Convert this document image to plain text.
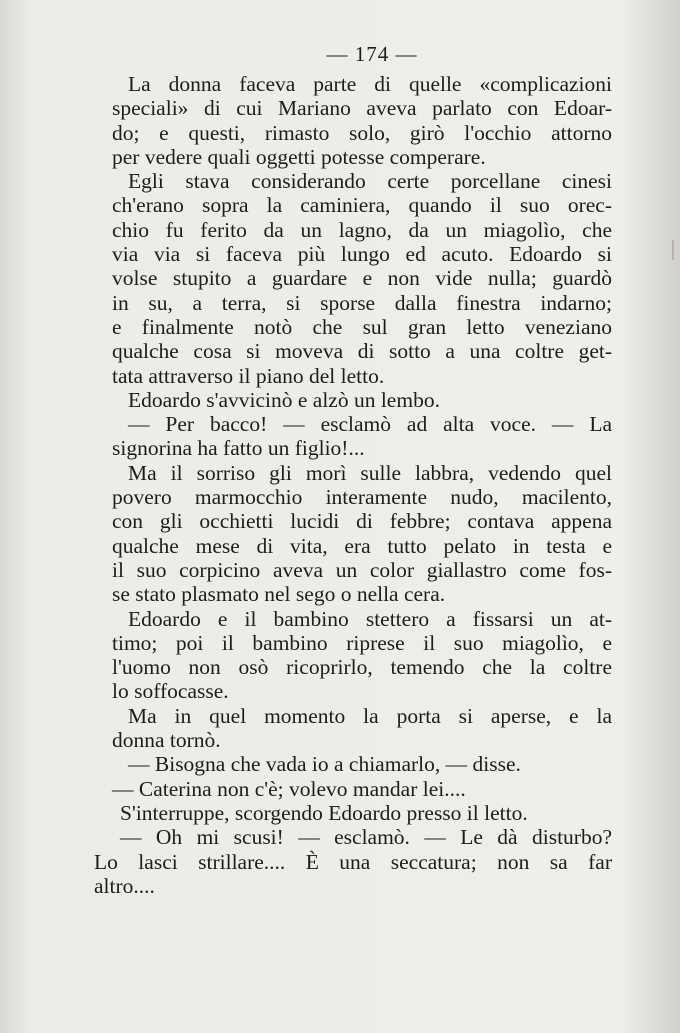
— 174 —

La donna faceva parte di quelle «complicazioni
speciali» di cui Mariano aveva parlato con Edoar-
do; e questi, rimasto solo, girò l'occhio attorno
per vedere quali oggetti potesse comperare.

Egli stava considerando certe porcellane cinesi
ch'erano sopra la caminiera, quando il suo orec-
chio fu ferito da un lagno, da un miagolìo, che
via via si faceva più lungo ed acuto. Edoardo si
volse stupito a guardare e non vide nulla; guardò
in su, a terra, si sporse dalla finestra indarno;
e finalmente notò che sul gran letto veneziano
qualche cosa si moveva di sotto a una coltre get-
tata attraverso il piano del letto.

Edoardo s'avvicinò e alzò un lembo.

— Per bacco! — esclamò ad alta voce. — La
signorina ha fatto un figlio!...

Ma il sorriso gli morì sulle labbra, vedendo quel
povero marmocchio interamente nudo, macilento,
con gli occhietti lucidi di febbre; contava appena
qualche mese di vita, era tutto pelato in testa e
il suo corpicino aveva un color giallastro come fos-
se stato plasmato nel sego o nella cera.

Edoardo e il bambino stettero a fissarsi un at-
timo; poi il bambino riprese il suo miagolìo, e
l'uomo non osò ricoprirlo, temendo che la coltre
lo soffocasse.

Ma in quel momento la porta si aperse, e la
donna tornò.

— Bisogna che vada io a chiamarlo, — disse.

— Caterina non c'è; volevo mandar lei....

S'interruppe, scorgendo Edoardo presso il letto.

— Oh mi scusi! — esclamò. — Le dà disturbo?
Lo lasci strillare.... È una seccatura; non sa far
altro....
